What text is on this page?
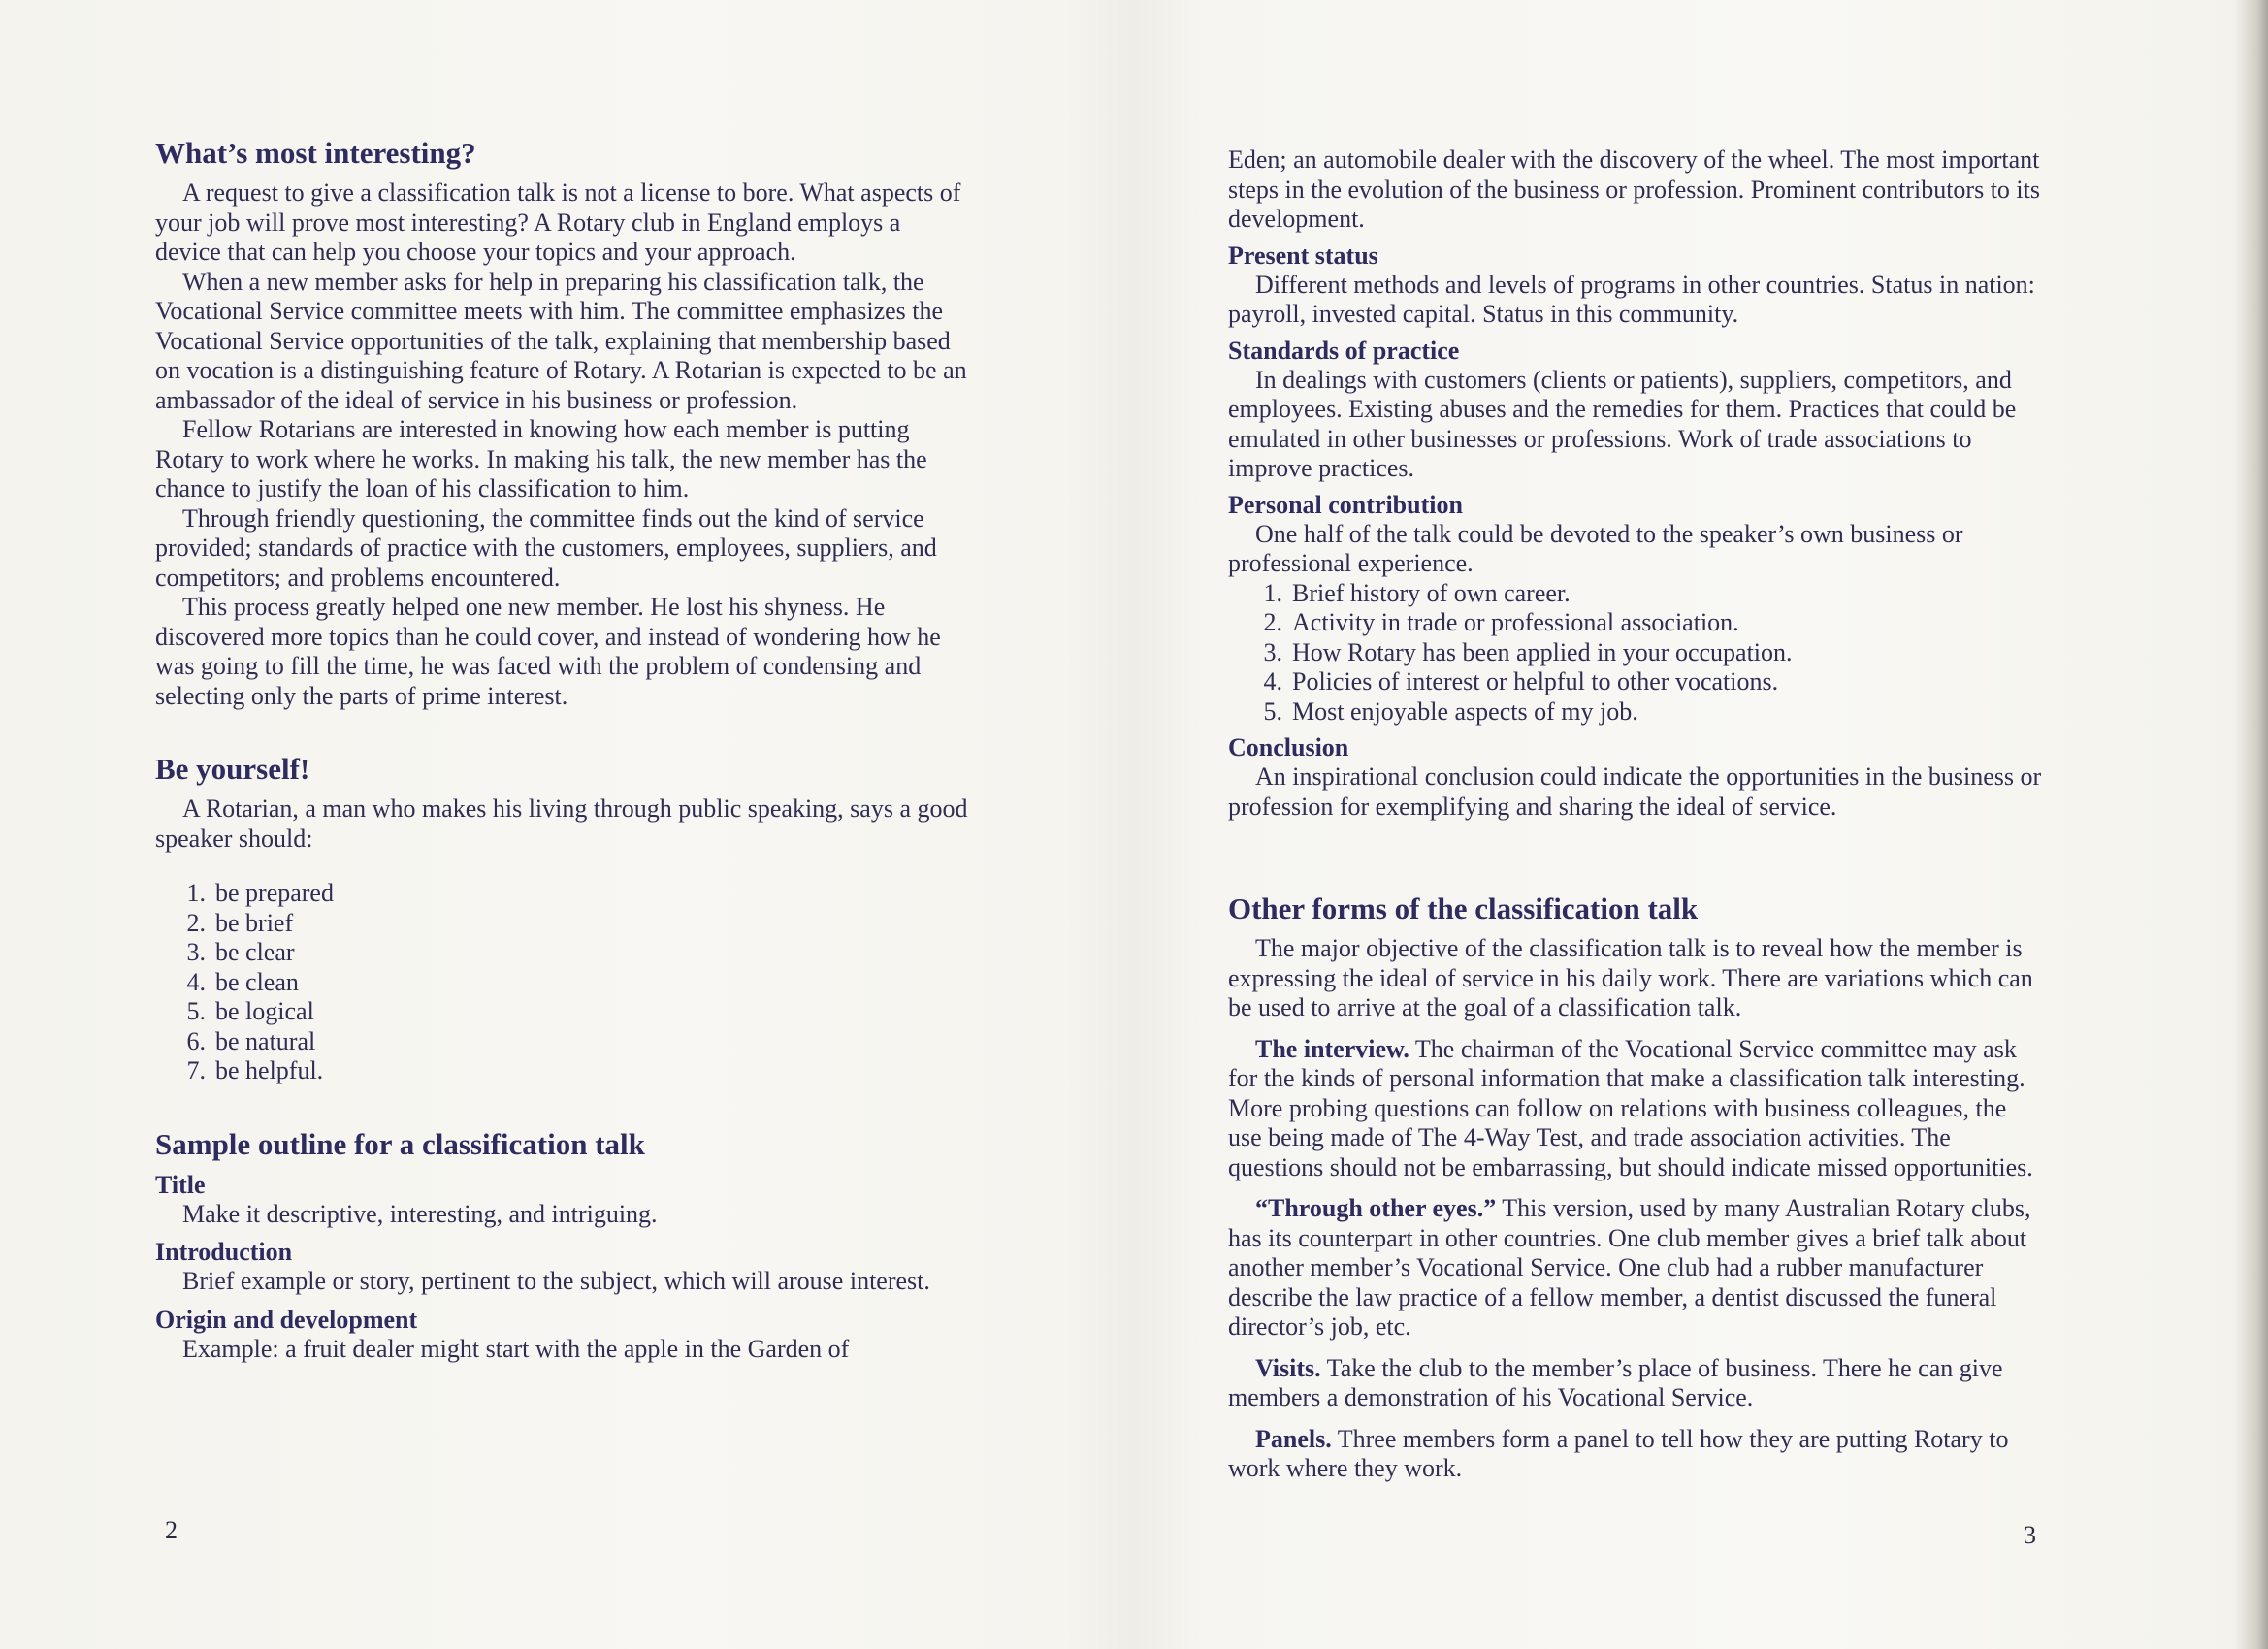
What’s most interesting?

A request to give a classification talk is not a license to bore. What aspects of your job will prove most interesting? A Rotary club in England employs a device that can help you choose your topics and your approach.

When a new member asks for help in preparing his classification talk, the Vocational Service committee meets with him. The committee emphasizes the Vocational Service opportunities of the talk, explaining that membership based on vocation is a distinguishing feature of Rotary. A Rotarian is expected to be an ambassador of the ideal of service in his business or profession.

Fellow Rotarians are interested in knowing how each member is putting Rotary to work where he works. In making his talk, the new member has the chance to justify the loan of his classification to him.

Through friendly questioning, the committee finds out the kind of service provided; standards of practice with the customers, employees, suppliers, and competitors; and problems encountered.

This process greatly helped one new member. He lost his shyness. He discovered more topics than he could cover, and instead of wondering how he was going to fill the time, he was faced with the problem of condensing and selecting only the parts of prime interest.

Be yourself!

A Rotarian, a man who makes his living through public speaking, says a good speaker should:

1. be prepared
2. be brief
3. be clear
4. be clean
5. be logical
6. be natural
7. be helpful.
Sample outline for a classification talk
Title

Make it descriptive, interesting, and intriguing.

Introduction

Brief example or story, pertinent to the subject, which will arouse interest.

Origin and development

Example: a fruit dealer might start with the apple in the Garden of

2

Eden; an automobile dealer with the discovery of the wheel. The most important steps in the evolution of the business or profession. Prominent contributors to its development.

Present status

Different methods and levels of programs in other countries. Status in nation: payroll, invested capital. Status in this community.

Standards of practice

In dealings with customers (clients or patients), suppliers, competitors, and employees. Existing abuses and the remedies for them. Practices that could be emulated in other businesses or professions. Work of trade associations to improve practices.

Personal contribution

One half of the talk could be devoted to the speaker’s own business or professional experience.

1. Brief history of own career.
2. Activity in trade or professional association.
3. How Rotary has been applied in your occupation.
4. Policies of interest or helpful to other vocations.
5. Most enjoyable aspects of my job.
Conclusion

An inspirational conclusion could indicate the opportunities in the business or profession for exemplifying and sharing the ideal of service.

Other forms of the classification talk

The major objective of the classification talk is to reveal how the member is expressing the ideal of service in his daily work. There are variations which can be used to arrive at the goal of a classification talk.

The interview. The chairman of the Vocational Service committee may ask for the kinds of personal information that make a classification talk interesting. More probing questions can follow on relations with business colleagues, the use being made of The 4-Way Test, and trade association activities. The questions should not be embarrassing, but should indicate missed opportunities.

“Through other eyes.” This version, used by many Australian Rotary clubs, has its counterpart in other countries. One club member gives a brief talk about another member’s Vocational Service. One club had a rubber manufacturer describe the law practice of a fellow member, a dentist discussed the funeral director’s job, etc.

Visits. Take the club to the member’s place of business. There he can give members a demonstration of his Vocational Service.

Panels. Three members form a panel to tell how they are putting Rotary to work where they work.

3
